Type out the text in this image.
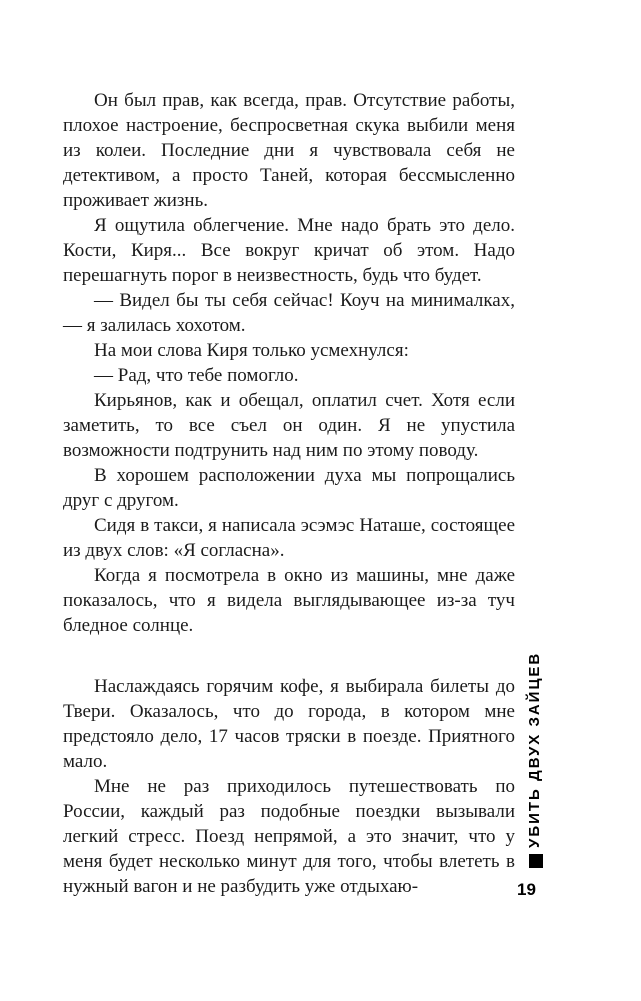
Он был прав, как всегда, прав. Отсутствие работы, плохое настроение, беспросветная скука выбили меня из колеи. Последние дни я чувствовала себя не детективом, а просто Таней, которая бессмысленно проживает жизнь.

Я ощутила облегчение. Мне надо брать это дело. Кости, Киря... Все вокруг кричат об этом. Надо перешагнуть порог в неизвестность, будь что будет.

— Видел бы ты себя сейчас! Коуч на минималках, — я залилась хохотом.

На мои слова Киря только усмехнулся:

— Рад, что тебе помогло.

Кирьянов, как и обещал, оплатил счет. Хотя если заметить, то все съел он один. Я не упустила возможности подтрунить над ним по этому поводу.

В хорошем расположении духа мы попрощались друг с другом.

Сидя в такси, я написала эсэмэс Наташе, состоящее из двух слов: «Я согласна».

Когда я посмотрела в окно из машины, мне даже показалось, что я видела выглядывающее из-за туч бледное солнце.

Наслаждаясь горячим кофе, я выбирала билеты до Твери. Оказалось, что до города, в котором мне предстояло дело, 17 часов тряски в поезде. Приятного мало.

Мне не раз приходилось путешествовать по России, каждый раз подобные поездки вызывали легкий стресс. Поезд непрямой, а это значит, что у меня будет несколько минут для того, чтобы влететь в нужный вагон и не разбудить уже отдыхаю-

УБИТЬ ДВУХ ЗАЙЦЕВ
19
